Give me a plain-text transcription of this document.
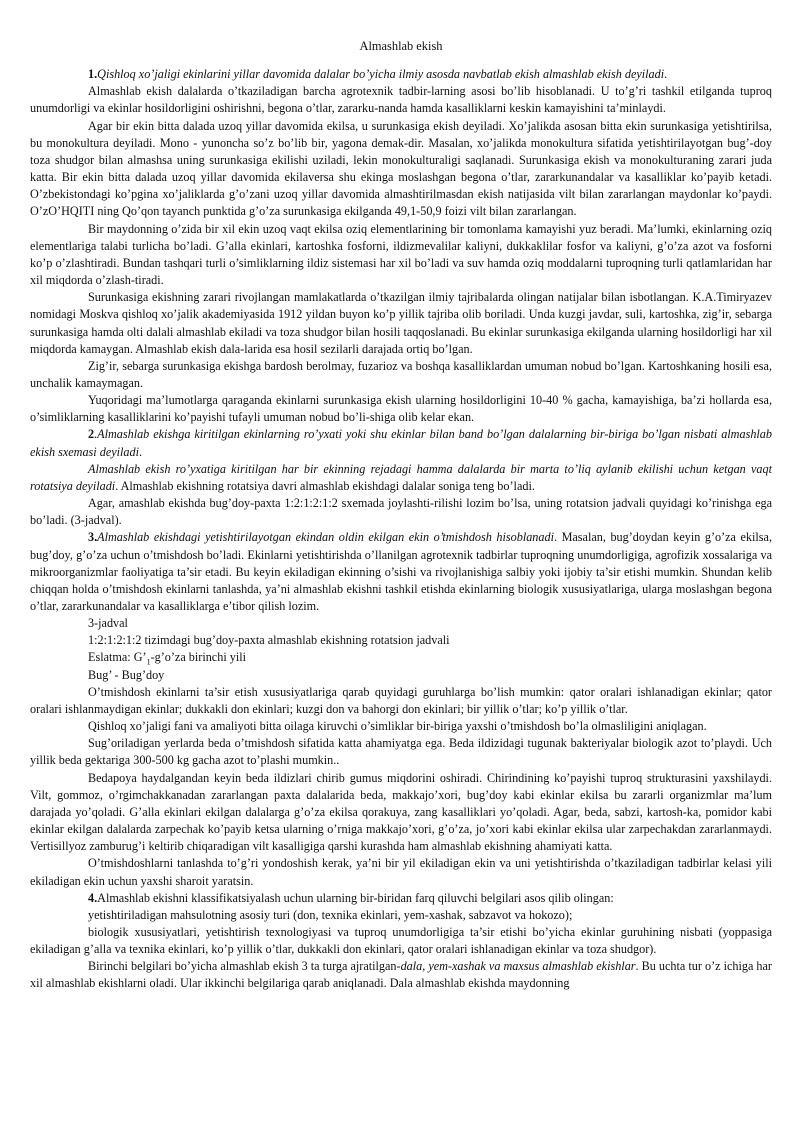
Almashlab ekish

1.Qishloq xo’jaligi ekinlarini yillar davomida dalalar bo’yicha ilmiy asosda navbatlab ekish almashlab ekish deyiladi.

Almashlab ekish dalalarda o’tkaziladigan barcha agrotexnik tadbir-larning asosi bo’lib hisoblanadi. U to’g’ri tashkil etilganda tuproq unumdorligi va ekinlar hosildorligini oshirishni, begona o’tlar, zararku-nanda hamda kasalliklarni keskin kamayishini ta’minlaydi.

Agar bir ekin bitta dalada uzoq yillar davomida ekilsa, u surunkasiga ekish deyiladi. Xo’jalikda asosan bitta ekin surunkasiga yetishtirilsa, bu monokultura deyiladi. Mono - yunoncha so’z bo’lib bir, yagona demak-dir. Masalan, xo’jalikda monokultura sifatida yetishtirilayotgan bug’-doy toza shudgor bilan almashsa uning surunkasiga ekilishi uziladi, lekin monokulturaligi saqlanadi. Surunkasiga ekish va monokulturaning zarari juda katta. Bir ekin bitta dalada uzoq yillar davomida ekilaversa shu ekinga moslashgan begona o’tlar, zararkunandalar va kasalliklar ko’payib ketadi. O’zbekistondagi ko’pgina xo’jaliklarda g’o’zani uzoq yillar davomida almashtirilmasdan ekish natijasida vilt bilan zararlangan maydonlar ko’paydi. O’zO’HQITI ning Qo’qon tayanch punktida g’o’za surunkasiga ekilganda 49,1-50,9 foizi vilt bilan zararlangan.

Bir maydonning o’zida bir xil ekin uzoq vaqt ekilsa oziq elementlarining bir tomonlama kamayishi yuz beradi. Ma’lumki, ekinlarning oziq elementlariga talabi turlicha bo’ladi. G’alla ekinlari, kartoshka fosforni, ildizmevalilar kaliyni, dukkaklilar fosfor va kaliyni, g’o’za azot va fosforni ko’p o’zlashtiradi. Bundan tashqari turli o’simliklarning ildiz sistemasi har xil bo’ladi va suv hamda oziq moddalarni tuproqning turli qatlamlaridan har xil miqdorda o’zlash-tiradi.

Surunkasiga ekishning zarari rivojlangan mamlakatlarda o’tkazilgan ilmiy tajribalarda olingan natijalar bilan isbotlangan. K.A.Timiryazev nomidagi Moskva qishloq xo’jalik akademiyasida 1912 yildan buyon ko’p yillik tajriba olib boriladi. Unda kuzgi javdar, suli, kartoshka, zig’ir, sebarga surunkasiga hamda olti dalali almashlab ekiladi va toza shudgor bilan hosili taqqoslanadi. Bu ekinlar surunkasiga ekilganda ularning hosildorligi har xil miqdorda kamaygan. Almashlab ekish dala-larida esa hosil sezilarli darajada ortiq bo’lgan.

Zig’ir, sebarga surunkasiga ekishga bardosh berolmay, fuzarioz va boshqa kasalliklardan umuman nobud bo’lgan. Kartoshkaning hosili esa, unchalik kamaymagan.

Yuqoridagi ma’lumotlarga qaraganda ekinlarni surunkasiga ekish ularning hosildorligini 10-40 % gacha, kamayishiga, ba’zi hollarda esa, o’simliklarning kasalliklarini ko’payishi tufayli umuman nobud bo’li-shiga olib kelar ekan.

2.Almashlab ekishga kiritilgan ekinlarning ro’yxati yoki shu ekinlar bilan band bo’lgan dalalarning bir-biriga bo’lgan nisbati almashlab ekish sxemasi deyiladi.

Almashlab ekish ro’yxatiga kiritilgan har bir ekinning rejadagi hamma dalalarda bir marta to’liq aylanib ekilishi uchun ketgan vaqt rotatsiya deyiladi. Almashlab ekishning rotatsiya davri almashlab ekishdagi dalalar soniga teng bo’ladi.

Agar, amashlab ekishda bug’doy-paxta 1:2:1:2:1:2 sxemada joylashti-rilishi lozim bo’lsa, uning rotatsion jadvali quyidagi ko’rinishga ega bo’ladi. (3-jadval).

3.Almashlab ekishdagi yetishtirilayotgan ekindan oldin ekilgan ekin o’tmishdosh hisoblanadi. Masalan, bug’doydan keyin g’o’za ekilsa, bug’doy, g’o’za uchun o’tmishdosh bo’ladi. Ekinlarni yetishtirishda o’llanilgan agrotexnik tadbirlar tuproqning unumdorligiga, agrofizik xossalariga va mikroorganizmlar faoliyatiga ta’sir etadi. Bu keyin ekiladigan ekinning o’sishi va rivojlanishiga salbiy yoki ijobiy ta’sir etishi mumkin. Shundan kelib chiqqan holda o’tmishdosh ekinlarni tanlashda, ya’ni almashlab ekishni tashkil etishda ekinlarning biologik xususiyatlariga, ularga moslashgan begona o’tlar, zararkunandalar va kasalliklarga e’tibor qilish lozim.

3-jadval

1:2:1:2:1:2 tizimdagi bug’doy-paxta almashlab ekishning rotatsion jadvali

Eslatma: $G’_1-g’o’za$ birinchi yili

Bug’ - Bug’doy

O’tmishdosh ekinlarni ta’sir etish xususiyatlariga qarab quyidagi guruhlarga bo’lish mumkin: qator oralari ishlanadigan ekinlar; qator oralari ishlanmaydigan ekinlar; dukkakli don ekinlari; kuzgi don va bahorgi don ekinlari; bir yillik o’tlar; ko’p yillik o’tlar.

Qishloq xo’jaligi fani va amaliyoti bitta oilaga kiruvchi o’simliklar bir-biriga yaxshi o’tmishdosh bo’la olmasliligini aniqlagan.

Sug’oriladigan yerlarda beda o’tmishdosh sifatida katta ahamiyatga ega. Beda ildizidagi tugunak bakteriyalar biologik azot to’playdi. Uch yillik beda gektariga 300-500 kg gacha azot to’plashi mumkin..

Bedapoya haydalgandan keyin beda ildizlari chirib gumus miqdorini oshiradi. Chirindining ko’payishi tuproq strukturasini yaxshilaydi. Vilt, gommoz, o’rgimchakkanadan zararlangan paxta dalalarida beda, makkajo’xori, bug’doy kabi ekinlar ekilsa bu zararli organizmlar ma’lum darajada yo’qoladi. G’alla ekinlari ekilgan dalalarga g’o’za ekilsa qorakuya, zang kasalliklari yo’qoladi. Agar, beda, sabzi, kartosh-ka, pomidor kabi ekinlar ekilgan dalalarda zarpechak ko’payib ketsa ularning o’rniga makkajo’xori, g’o’za, jo’xori kabi ekinlar ekilsa ular zarpechakdan zararlanmaydi. Vertisillyoz zamburug’i keltirib chiqaradigan vilt kasalligiga qarshi kurashda ham almashlab ekishning ahamiyati katta.

O’tmishdoshlarni tanlashda to’g’ri yondoshish kerak, ya’ni bir yil ekiladigan ekin va uni yetishtirishda o’tkaziladigan tadbirlar kelasi yili ekiladigan ekin uchun yaxshi sharoit yaratsin.

4.Almashlab ekishni klassifikatsiyalash uchun ularning bir-biridan farq qiluvchi belgilari asos qilib olingan:

yetishtiriladigan mahsulotning asosiy turi (don, texnika ekinlari, yem-xashak, sabzavot va hokozo);

biologik xususiyatlari, yetishtirish texnologiyasi va tuproq unumdorligiga ta’sir etishi bo’yicha ekinlar guruhining nisbati (yoppasiga ekiladigan g’alla va texnika ekinlari, ko’p yillik o’tlar, dukkakli don ekinlari, qator oralari ishlanadigan ekinlar va toza shudgor).

Birinchi belgilari bo’yicha almashlab ekish 3 ta turga ajratilgan-dala, yem-xashak va maxsus almashlab ekishlar. Bu uchta tur o’z ichiga har xil almashlab ekishlarni oladi. Ular ikkinchi belgilariga qarab aniqlanadi. Dala almashlab ekishda maydonning
